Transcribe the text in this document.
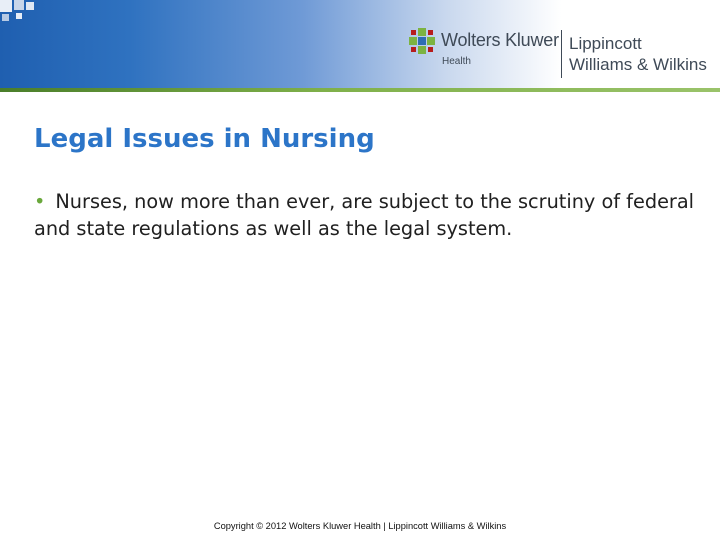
Wolters Kluwer
Health
Lippincott
Williams & Wilkins
Legal Issues in Nursing
• Nurses, now more than ever, are subject to the scrutiny of federal and state regulations as well as the legal system.
Copyright © 2012 Wolters Kluwer Health | Lippincott Williams & Wilkins
